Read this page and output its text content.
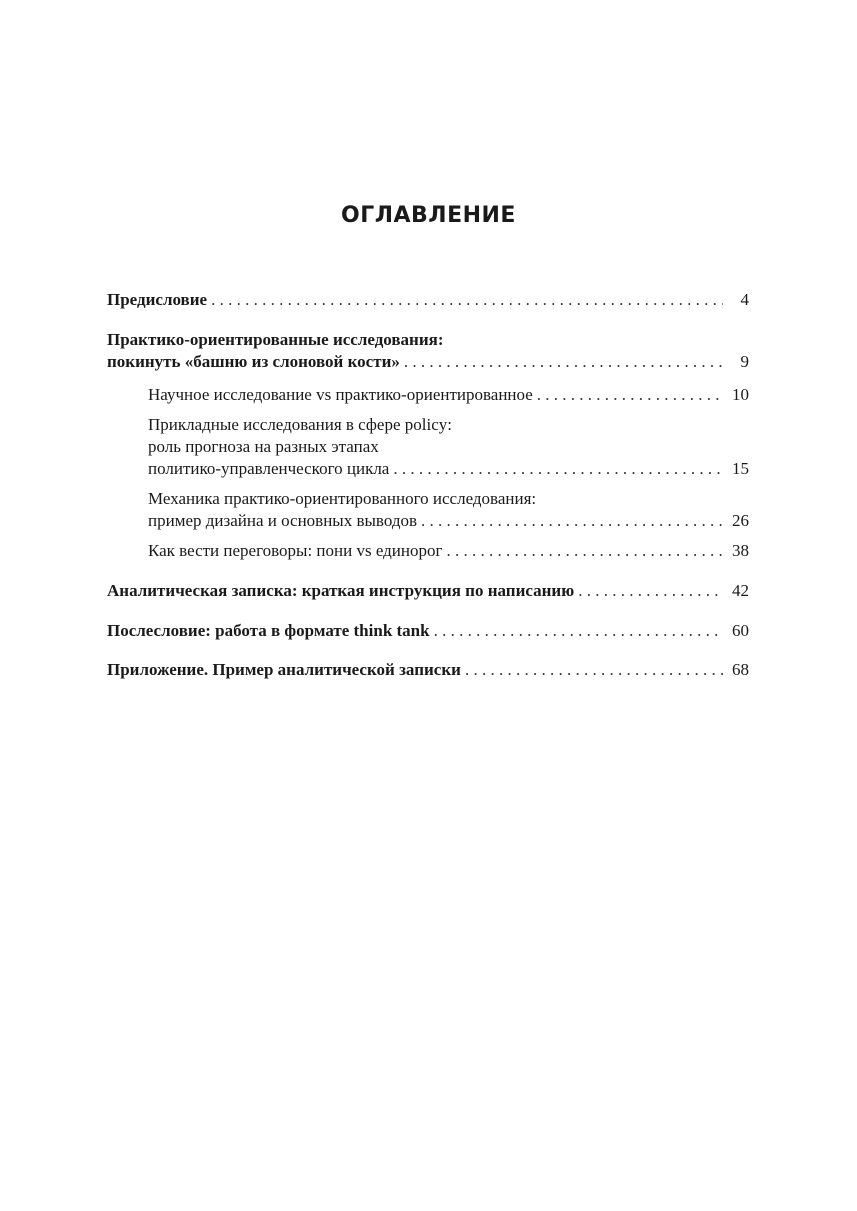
ОГЛАВЛЕНИЕ
Предисловие . . .	4
Практико-ориентированные исследования:
покинуть «башню из слоновой кости» . . .	9
Научное исследование vs практико-ориентированное . . .	10
Прикладные исследования в сфере policy:
роль прогноза на разных этапах
политико-управленческого цикла . . .	15
Механика практико-ориентированного исследования:
пример дизайна и основных выводов . . .	26
Как вести переговоры: пони vs единорог . . .	38
Аналитическая записка: краткая инструкция по написанию . . .	42
Послесловие: работа в формате think tank . . .	60
Приложение. Пример аналитической записки . . .	68
